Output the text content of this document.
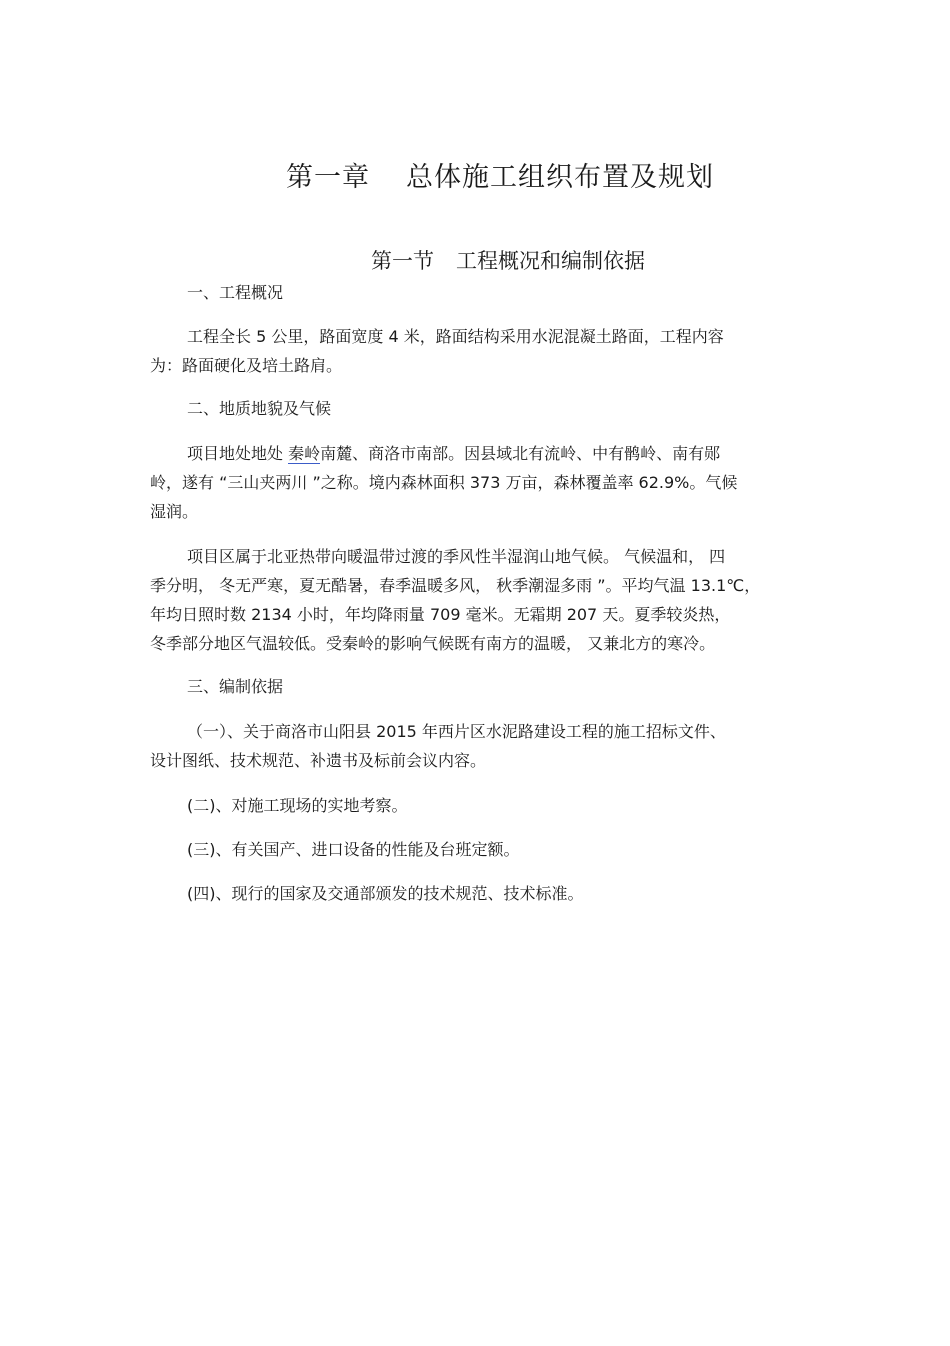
第一章 总体施工组织布置及规划
第一节 工程概况和编制依据
一、工程概况
工程全长 5 公里，路面宽度 4 米，路面结构采用水泥混凝土路面，工程内容
为：路面硬化及培土路肩。
二、地质地貌及气候
项目地处地处 秦岭南麓、商洛市南部。因县域北有流岭、中有鹘岭、南有郧
岭，遂有 “三山夹两川 ”之称。境内森林面积 373 万亩，森林覆盖率 62.9%。气候
湿润。
项目区属于北亚热带向暖温带过渡的季风性半湿润山地气候。 气候温和， 四
季分明， 冬无严寒，夏无酷暑，春季温暖多风， 秋季潮湿多雨 ”。平均气温 13.1℃，
年均日照时数 2134 小时，年均降雨量 709 毫米。无霜期 207 天。夏季较炎热，
冬季部分地区气温较低。受秦岭的影响气候既有南方的温暖， 又兼北方的寒冷。
三、编制依据
（一）、关于商洛市山阳县 2015 年西片区水泥路建设工程的施工招标文件、
设计图纸、技术规范、补遗书及标前会议内容。
(二)、对施工现场的实地考察。
(三)、有关国产、进口设备的性能及台班定额。
(四)、现行的国家及交通部颁发的技术规范、技术标准。
